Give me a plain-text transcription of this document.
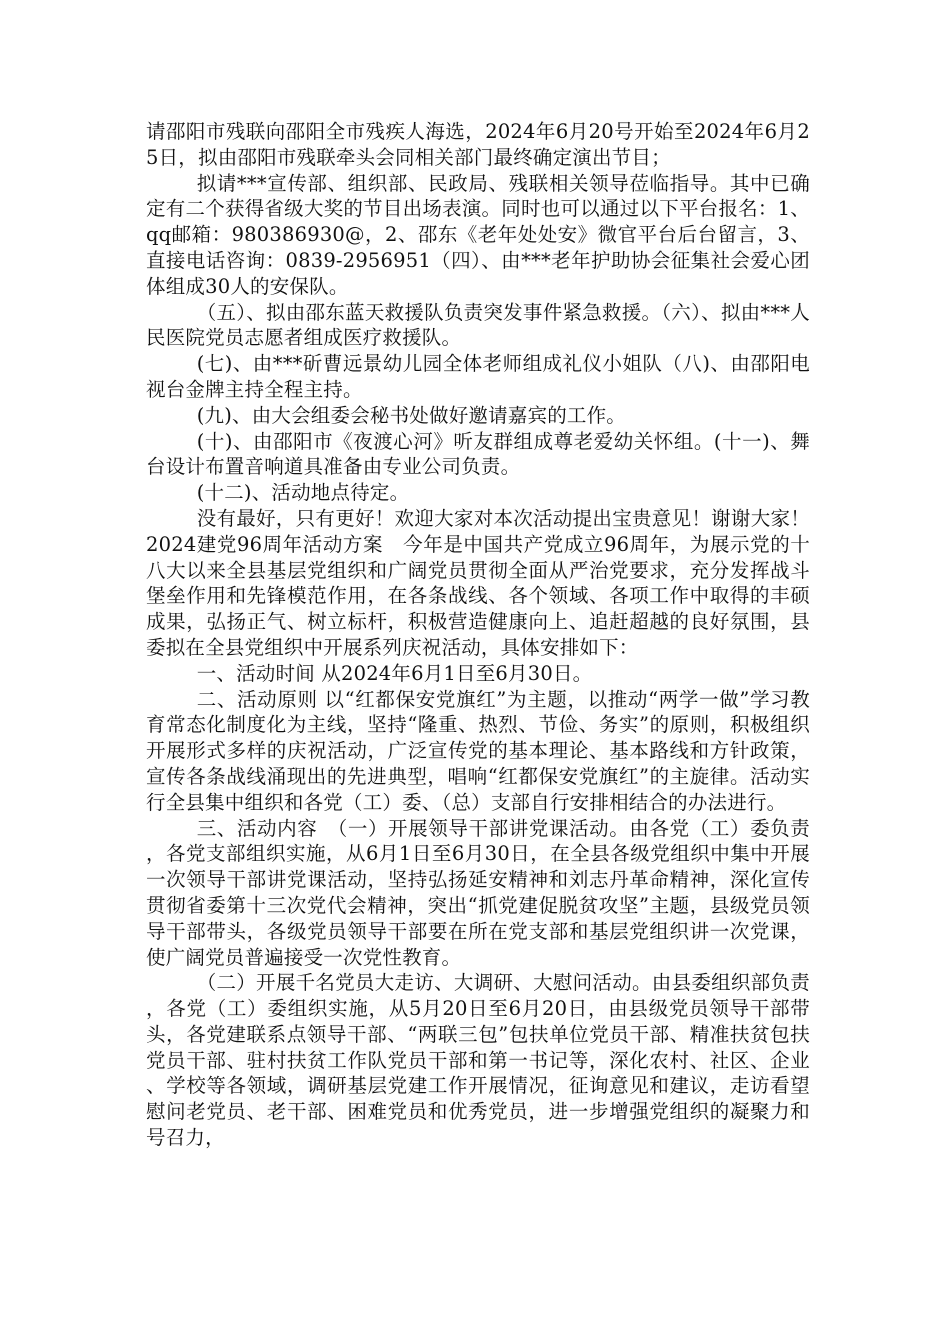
请邵阳市残联向邵阳全市残疾人海选，2024年6月20号开始至2024年6月25日，拟由邵阳市残联牵头会同相关部门最终确定演出节目；

拟请***宣传部、组织部、民政局、残联相关领导莅临指导。其中已确定有二个获得省级大奖的节目出场表演。同时也可以通过以下平台报名：1、qq邮箱：980386930@，2、邵东《老年处处安》微官平台后台留言，3、直接电话咨询：0839-2956951（四）、由***老年护助协会征集社会爱心团体组成30人的安保队。

（五）、拟由邵东蓝天救援队负责突发事件紧急救援。（六）、拟由***人民医院党员志愿者组成医疗救援队。

(七)、由***斫曹远景幼儿园全体老师组成礼仪小姐队（八)、由邵阳电视台金牌主持全程主持。

(九)、由大会组委会秘书处做好邀请嘉宾的工作。

(十)、由邵阳市《夜渡心河》听友群组成尊老爱幼关怀组。(十一)、舞台设计布置音响道具准备由专业公司负责。

(十二)、活动地点待定。

没有最好，只有更好！欢迎大家对本次活动提出宝贵意见！谢谢大家！　　2024建党96周年活动方案　今年是中国共产党成立96周年，为展示党的十八大以来全县基层党组织和广阔党员贯彻全面从严治党要求，充分发挥战斗堡垒作用和先锋模范作用，在各条战线、各个领域、各项工作中取得的丰硕成果，弘扬正气、树立标杆，积极营造健康向上、追赶超越的良好氛围，县委拟在全县党组织中开展系列庆祝活动，具体安排如下：

一、活动时间 从2024年6月1日至6月30日。

二、活动原则 以“红都保安党旗红”为主题，以推动“两学一做”学习教育常态化制度化为主线，坚持“隆重、热烈、节俭、务实”的原则，积极组织开展形式多样的庆祝活动，广泛宣传党的基本理论、基本路线和方针政策，宣传各条战线涌现出的先进典型，唱响“红都保安党旗红”的主旋律。活动实行全县集中组织和各党（工）委、（总）支部自行安排相结合的办法进行。

三、活动内容　（一）开展领导干部讲党课活动。由各党（工）委负责，各党支部组织实施，从6月1日至6月30日，在全县各级党组织中集中开展一次领导干部讲党课活动，坚持弘扬延安精神和刘志丹革命精神，深化宣传贯彻省委第十三次党代会精神，突出“抓党建促脱贫攻坚”主题，县级党员领导干部带头，各级党员领导干部要在所在党支部和基层党组织讲一次党课，使广阔党员普遍接受一次党性教育。

（二）开展千名党员大走访、大调研、大慰问活动。由县委组织部负责，各党（工）委组织实施，从5月20日至6月20日，由县级党员领导干部带头，各党建联系点领导干部、“两联三包”包扶单位党员干部、精准扶贫包扶党员干部、驻村扶贫工作队党员干部和第一书记等，深化农村、社区、企业、学校等各领域，调研基层党建工作开展情况，征询意见和建议，走访看望慰问老党员、老干部、困难党员和优秀党员，进一步增强党组织的凝聚力和号召力，
